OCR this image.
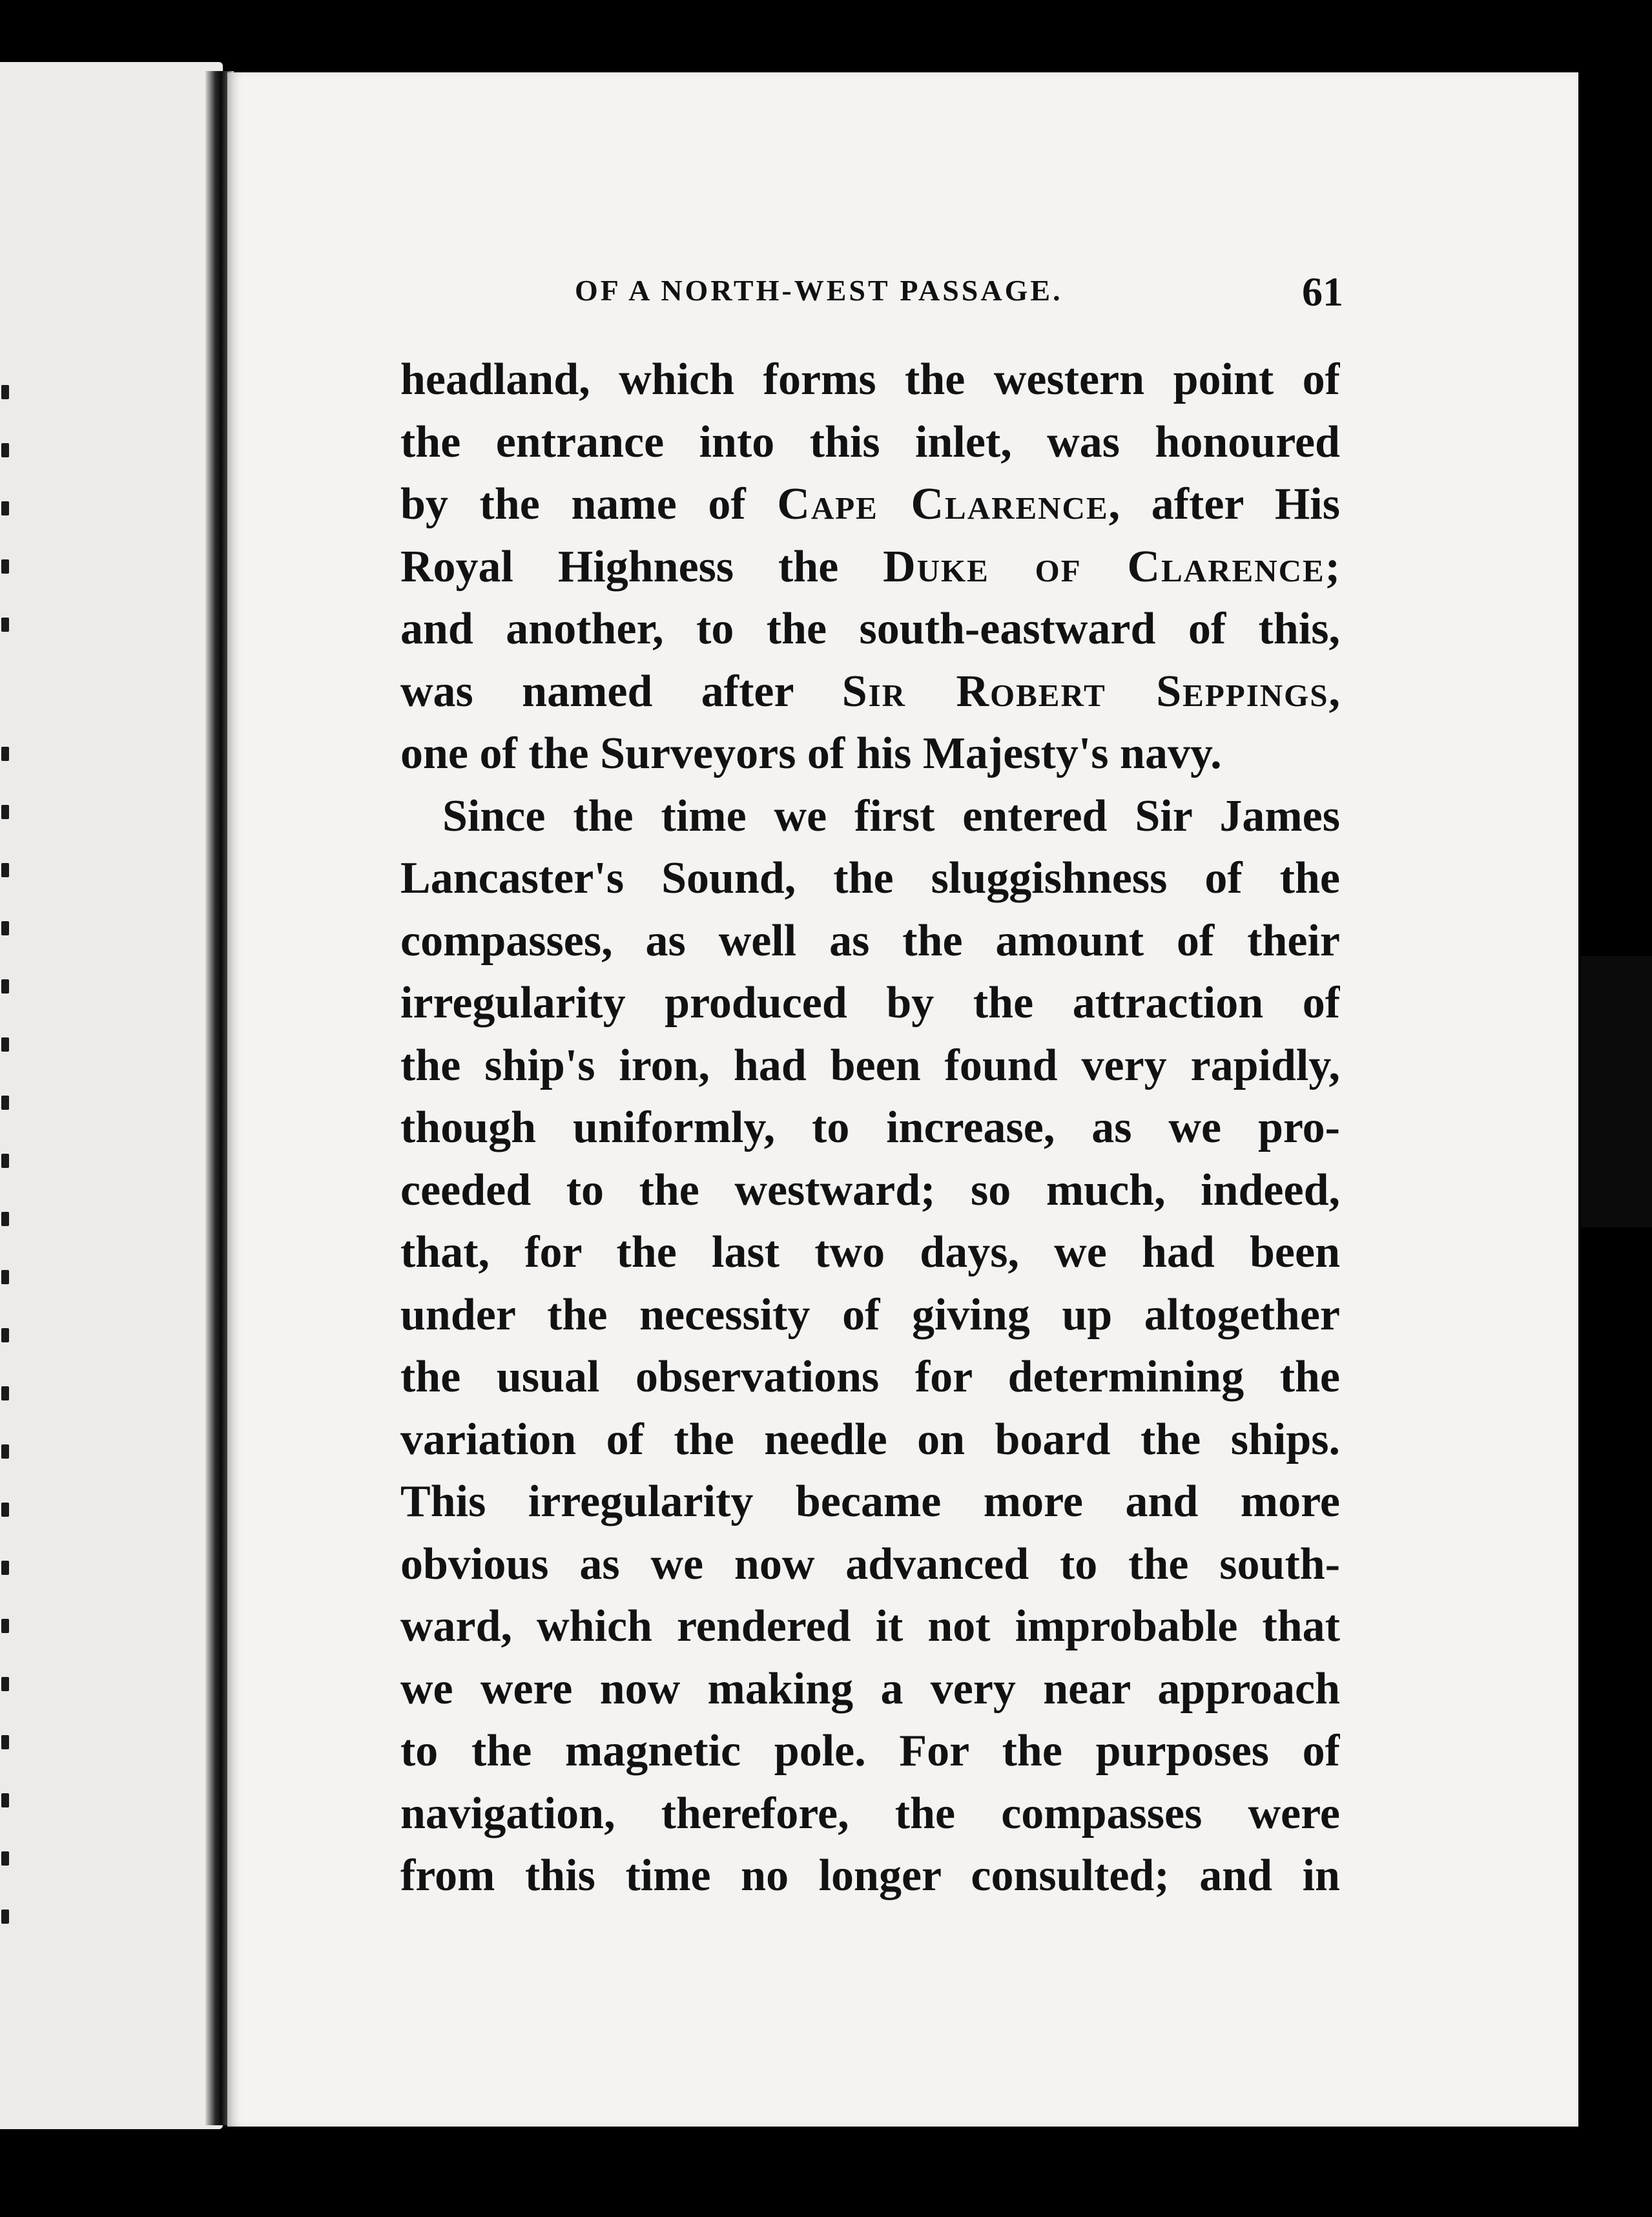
OF A NORTH-WEST PASSAGE.	61
headland, which forms the western point of
the entrance into this inlet, was honoured
by the name of Cape Clarence, after His
Royal Highness the Duke of Clarence;
and another, to the south-eastward of this,
was named after Sir Robert Seppings,
one of the Surveyors of his Majesty's navy.
Since the time we first entered Sir James
Lancaster's Sound, the sluggishness of the
compasses, as well as the amount of their
irregularity produced by the attraction of
the ship's iron, had been found very rapidly,
though uniformly, to increase, as we pro-
ceeded to the westward; so much, indeed,
that, for the last two days, we had been
under the necessity of giving up altogether
the usual observations for determining the
variation of the needle on board the ships.
This irregularity became more and more
obvious as we now advanced to the south-
ward, which rendered it not improbable that
we were now making a very near approach
to the magnetic pole. For the purposes of
navigation, therefore, the compasses were
from this time no longer consulted; and in
